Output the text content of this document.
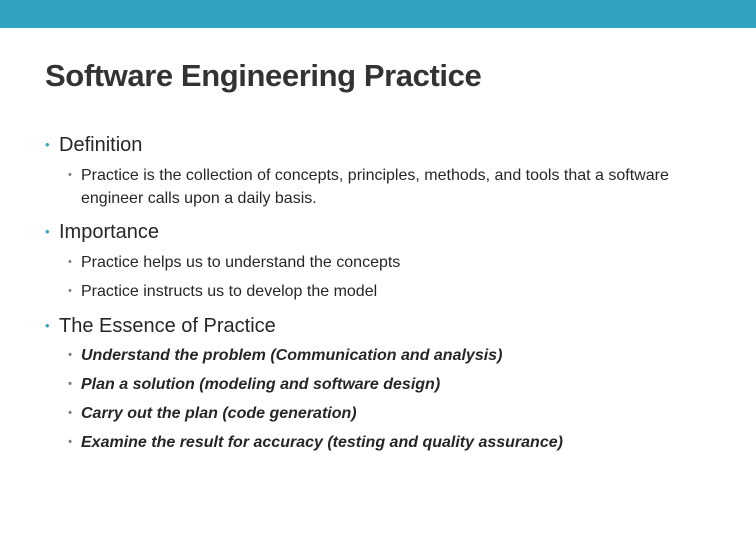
Software Engineering Practice
• Definition
• Practice is the collection of concepts, principles, methods, and tools that a software engineer calls upon a daily basis.
• Importance
• Practice helps us to understand the concepts
• Practice instructs us to develop the model
• The Essence of Practice
• Understand the problem (Communication and analysis)
• Plan a solution (modeling and software design)
• Carry out the plan (code generation)
• Examine the result for accuracy (testing and quality assurance)
